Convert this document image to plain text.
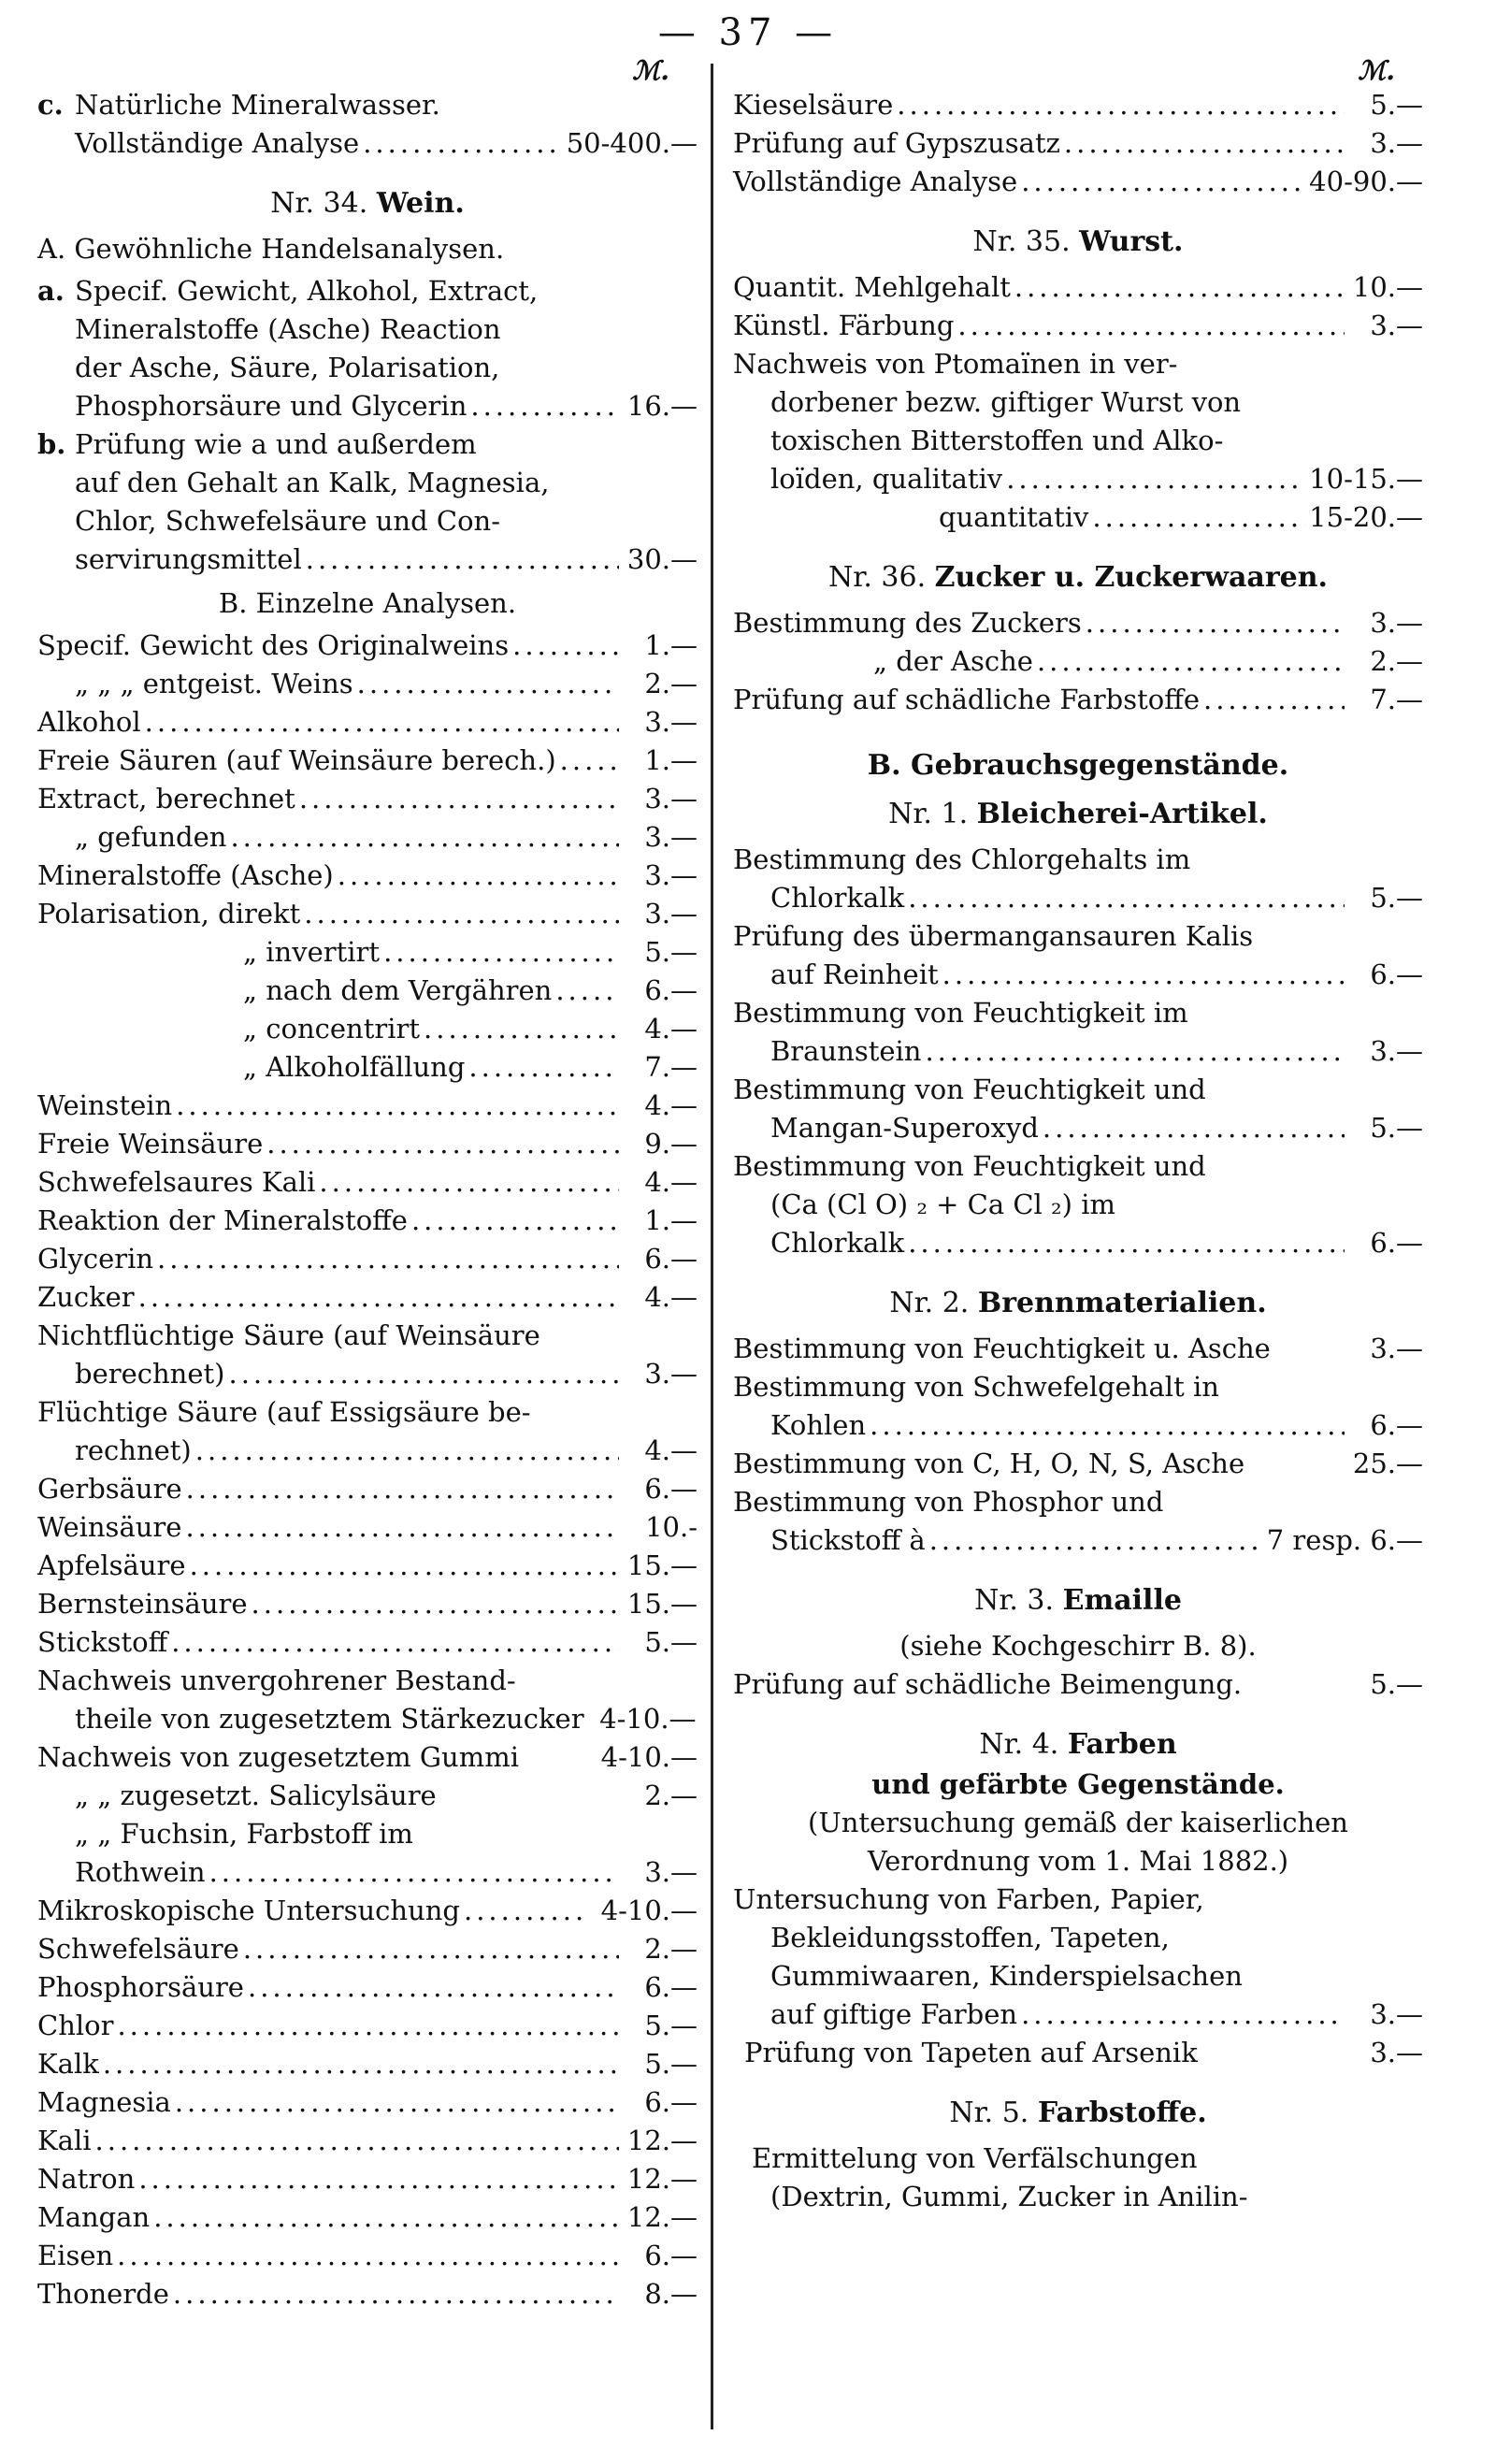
— 37 —
ℳ.
c. Natürliche Mineralwasser.
Vollständige Analyse .....	50-400.—
Nr. 34. Wein.
A. Gewöhnliche Handelsanalysen.
a. Specif. Gewicht, Alkohol, Extract,
Mineralstoffe (Asche) Reaction
der Asche, Säure, Polarisation,
Phosphorsäure und Glycerin .....	16.—
b. Prüfung wie a und außerdem
auf den Gehalt an Kalk, Magnesia,
Chlor, Schwefelsäure und Con-
servirungsmittel .....	30.—
B. Einzelne Analysen.
Specif. Gewicht des Originalweins .....	1.—
„ „ „ entgeist. Weins .....	2.—
Alkohol .....	3.—
Freie Säuren (auf Weinsäure berech.) .....	1.—
Extract, berechnet .....	3.—
„ gefunden .....	3.—
Mineralstoffe (Asche) .....	3.—
Polarisation, direkt .....	3.—
„ invertirt .....	5.—
„ nach dem Vergähren .....	6.—
„ concentrirt .....	4.—
„ Alkoholfällung .....	7.—
Weinstein .....	4.—
Freie Weinsäure .....	9.—
Schwefelsaures Kali .....	4.—
Reaktion der Mineralstoffe .....	1.—
Glycerin .....	6.—
Zucker .....	4.—
Nichtflüchtige Säure (auf Weinsäure
berechnet) .....	3.—
Flüchtige Säure (auf Essigsäure be-
rechnet) .....	4.—
Gerbsäure .....	6.—
Weinsäure .....	10.-
Apfelsäure .....	15.—
Bernsteinsäure .....	15.—
Stickstoff .....	5.—
Nachweis unvergohrener Bestand-
theile von zugesetztem Stärkezucker 4-10.—
Nachweis von zugesetztem Gummi	4-10.—
„ „ zugesetzt. Salicylsäure	2.—
„ „ Fuchsin, Farbstoff im
Rothwein .....	3.—
Mikroskopische Untersuchung .....	4-10.—
Schwefelsäure .....	2.—
Phosphorsäure .....	6.—
Chlor .....	5.—
Kalk .....	5.—
Magnesia .....	6.—
Kali .....	12.—
Natron .....	12.—
Mangan .....	12.—
Eisen .....	6.—
Thonerde .....	8.—
ℳ.
Kieselsäure .....	5.—
Prüfung auf Gypszusatz .....	3.—
Vollständige Analyse .....	40-90.—
Nr. 35. Wurst.
Quantit. Mehlgehalt .....	10.—
Künstl. Färbung .....	3.—
Nachweis von Ptomaïnen in ver-
dorbener bezw. giftiger Wurst von
toxischen Bitterstoffen und Alko-
loïden, qualitativ .....	10-15.—
quantitativ .....	15-20.—
Nr. 36. Zucker u. Zuckerwaaren.
Bestimmung des Zuckers .....	3.—
„ der Asche .....	2.—
Prüfung auf schädliche Farbstoffe .....	7.—
B. Gebrauchsgegenstände.
Nr. 1. Bleicherei-Artikel.
Bestimmung des Chlorgehalts im
Chlorkalk .....	5.—
Prüfung des übermangansauren Kalis
auf Reinheit .....	6.—
Bestimmung von Feuchtigkeit im
Braunstein .....	3.—
Bestimmung von Feuchtigkeit und
Mangan-Superoxyd .....	5.—
Bestimmung von Feuchtigkeit und
(Ca (Cl O) ₂ + Ca Cl ₂) im
Chlorkalk .....	6.—
Nr. 2. Brennmaterialien.
Bestimmung von Feuchtigkeit u. Asche	3.—
Bestimmung von Schwefelgehalt in
Kohlen .....	6.—
Bestimmung von C, H, O, N, S, Asche	25.—
Bestimmung von Phosphor und
Stickstoff à .....	7 resp. 6.—
Nr. 3. Emaille
(siehe Kochgeschirr B. 8).
Prüfung auf schädliche Beimengung.	5.—
Nr. 4. Farben
und gefärbte Gegenstände.
(Untersuchung gemäß der kaiserlichen
Verordnung vom 1. Mai 1882.)
Untersuchung von Farben, Papier,
Bekleidungsstoffen, Tapeten,
Gummiwaaren, Kinderspielsachen
auf giftige Farben .....	3.—
Prüfung von Tapeten auf Arsenik	3.—
Nr. 5. Farbstoffe.
Ermittelung von Verfälschungen
(Dextrin, Gummi, Zucker in Anilin-
